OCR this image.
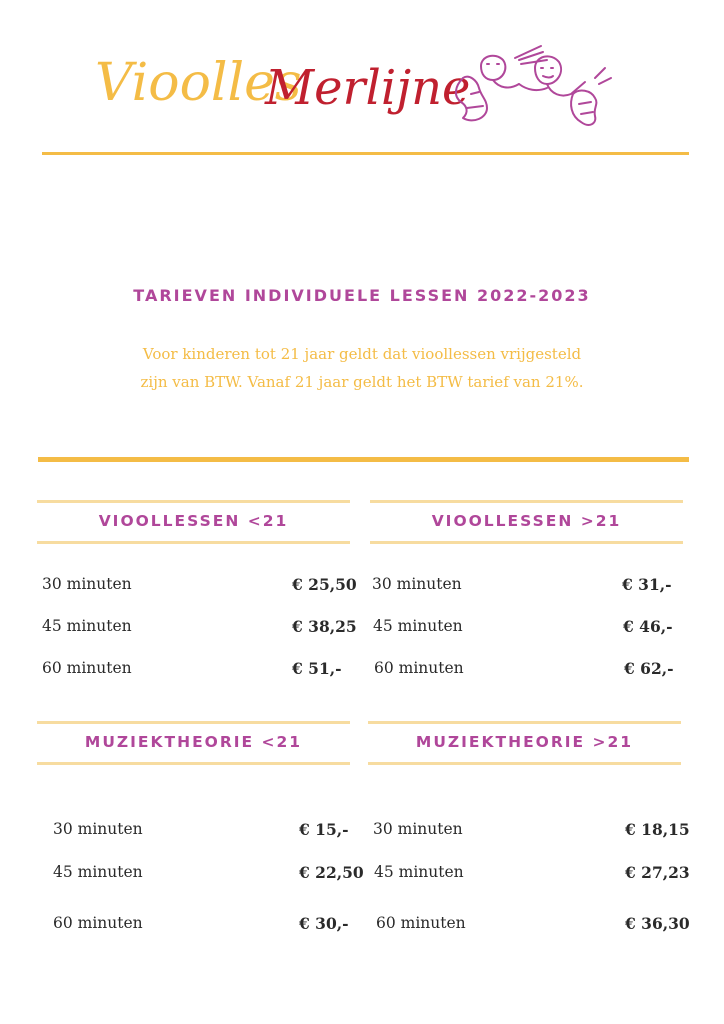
Vioolles
Merlijne
TARIEVEN INDIVIDUELE LESSEN 2022-2023
Voor kinderen tot 21 jaar geldt dat vioollessen vrijgesteld zijn van BTW. Vanaf 21 jaar geldt het BTW tarief van 21%.
VIOOLLESSEN <21
30 minuten	€ 25,50
45 minuten	€ 38,25
60 minuten	€ 51,-
VIOOLLESSEN >21
30 minuten	€ 31,-
45 minuten	€ 46,-
60 minuten	€ 62,-
MUZIEKTHEORIE <21
30 minuten	€ 15,-
45 minuten	€ 22,50
60 minuten	€ 30,-
MUZIEKTHEORIE >21
30 minuten	€ 18,15
45 minuten	€ 27,23
60 minuten	€ 36,30
